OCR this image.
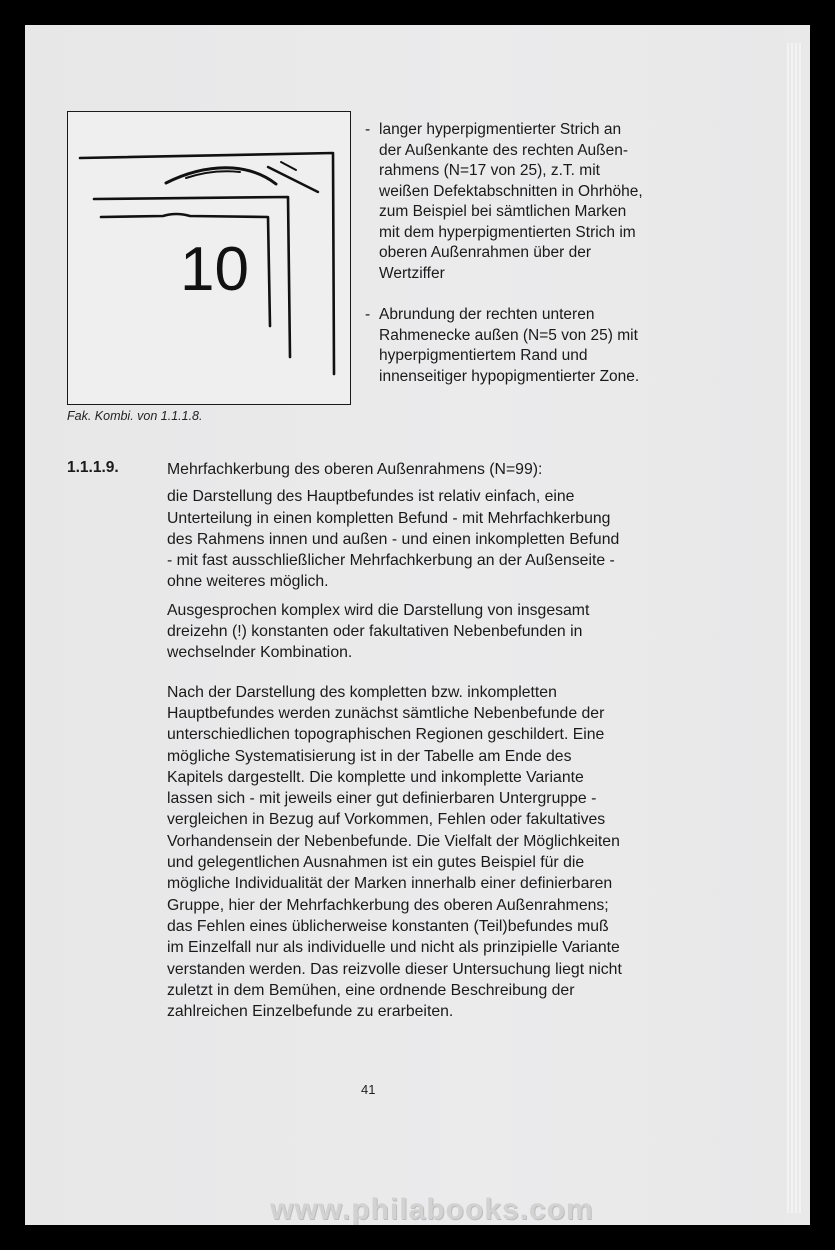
10
Fak. Kombi. von 1.1.1.8.
- langer hyperpigmentierter Strich an
der Außenkante des rechten Außen-
rahmens (N=17 von 25), z.T. mit
weißen Defektabschnitten in Ohrhöhe,
zum Beispiel bei sämtlichen Marken
mit dem hyperpigmentierten Strich im
oberen Außenrahmen über der
Wertziffer
- Abrundung der rechten unteren
Rahmenecke außen (N=5 von 25) mit
hyperpigmentiertem Rand und
innenseitiger hypopigmentierter Zone.
1.1.1.9.	Mehrfachkerbung des oberen Außenrahmens (N=99):

die Darstellung des Hauptbefundes ist relativ einfach, eine
Unterteilung in einen kompletten Befund - mit Mehrfachkerbung
des Rahmens innen und außen - und einen inkompletten Befund
- mit fast ausschließlicher Mehrfachkerbung an der Außenseite -
ohne weiteres möglich.

Ausgesprochen komplex wird die Darstellung von insgesamt
dreizehn (!) konstanten oder fakultativen Nebenbefunden in
wechselnder Kombination.

Nach der Darstellung des kompletten bzw. inkompletten
Hauptbefundes werden zunächst sämtliche Nebenbefunde der
unterschiedlichen topographischen Regionen geschildert. Eine
mögliche Systematisierung ist in der Tabelle am Ende des
Kapitels dargestellt. Die komplette und inkomplette Variante
lassen sich - mit jeweils einer gut definierbaren Untergruppe -
vergleichen in Bezug auf Vorkommen, Fehlen oder fakultatives
Vorhandensein der Nebenbefunde. Die Vielfalt der Möglichkeiten
und gelegentlichen Ausnahmen ist ein gutes Beispiel für die
mögliche Individualität der Marken innerhalb einer definierbaren
Gruppe, hier der Mehrfachkerbung des oberen Außenrahmens;
das Fehlen eines üblicherweise konstanten (Teil)befundes muß
im Einzelfall nur als individuelle und nicht als prinzipielle Variante
verstanden werden. Das reizvolle dieser Untersuchung liegt nicht
zuletzt in dem Bemühen, eine ordnende Beschreibung der
zahlreichen Einzelbefunde zu erarbeiten.

41
www.philabooks.com
